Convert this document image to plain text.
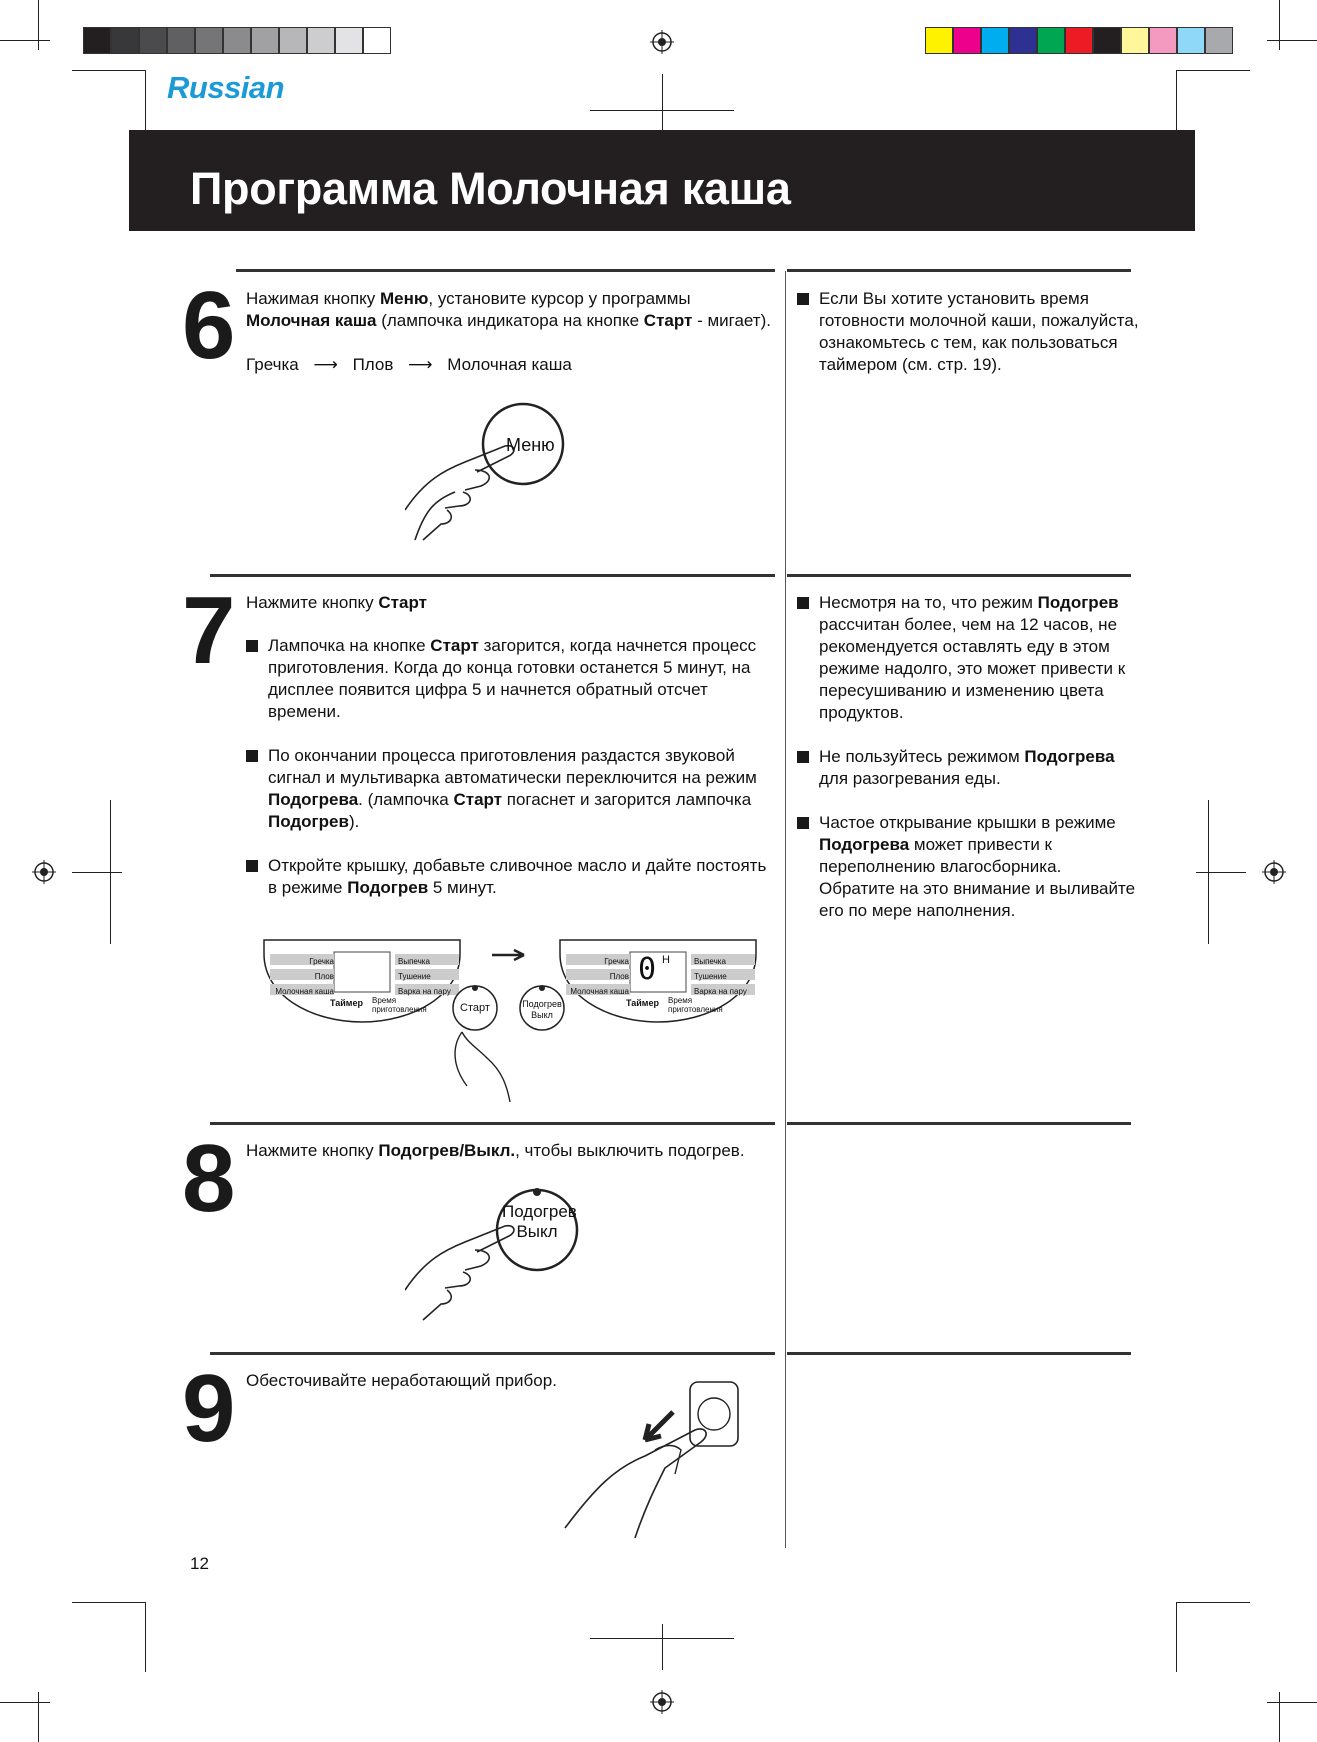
Russian
Программа Молочная каша
6 Нажимая кнопку Меню, установите курсор у программы
Молочная каша (лампочка индикатора на кнопке Старт - мигает).
Гречка ⟶ Плов ⟶ Молочная каша
Если Вы хотите установить время готовности молочной каши, пожалуйста, ознакомьтесь с тем, как пользоваться таймером (см. стр. 19).
Меню
7 Нажмите кнопку Старт
Лампочка на кнопке Старт загорится, когда начнется процесс приготовления. Когда до конца готовки останется 5 минут, на дисплее появится цифра 5 и начнется обратный отсчет времени.
По окончании процесса приготовления раздастся звуковой сигнал и мультиварка автоматически переключится на режим Подогрева. (лампочка Старт погаснет и загорится лампочка Подогрев).
Откройте крышку, добавьте сливочное масло и дайте постоять в режиме Подогрев 5 минут.
Несмотря на то, что режим Подогрев рассчитан более, чем на 12 часов, не рекомендуется оставлять еду в этом режиме надолго, это может привести к пересушиванию и изменению цвета продуктов.
Не пользуйтесь режимом Подогрева для разогревания еды.
Частое открывание крышки в режиме Подогрева может привести к переполнению влагосборника. Обратите на это внимание и выливайте его по мере наполнения.
Гречка
Плов
Молочная каша
Выпечка
Тушение
Варка на пару
Таймер Время
приготовления	Старт	Подогрев
Выкл
Гречка
Плов
Молочная каша
Выпечка
Тушение
Варка на пару
0 H
Таймер Время
приготовления
8 Нажмите кнопку Подогрев/Выкл., чтобы выключить подогрев.
Подогрев
Выкл
9 Обесточивайте неработающий прибор.
12
